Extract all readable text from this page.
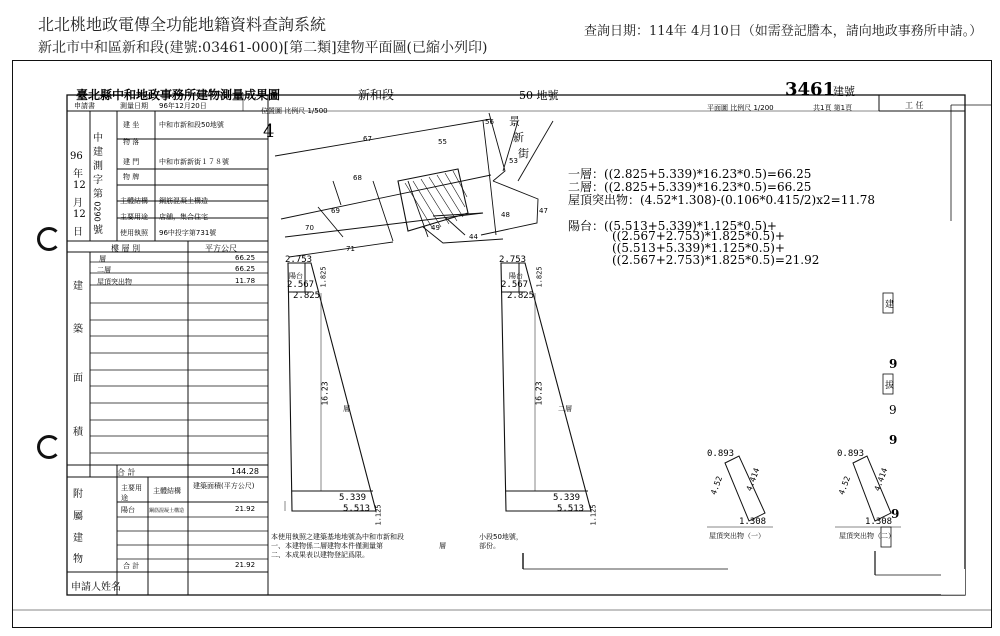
北北桃地政電傳全功能地籍資料查詢系統
新北市中和區新和段(建號:03461-000)[第二類]建物平面圖(已縮小列印)
查詢日期：114年 4月10日（如需登記謄本，請向地政事務所申請。）
臺北縣中和地政事務所建物測量成果圖	新和段	50 地號	3461
建號
平面圖 比例尺 1/200	共1頁 第1頁	工 任
位置圖 比例尺 1/500
4
申請書	測量日期 96年12月20日
中
建
96
測
年
字
12
第
月 0290
12
號
日
建 坐	中和市新和段50地號
物 落
建 門	中和市新新街１７８號
物 牌
主體結構 鋼筋混凝土構造
主要用途 店舖，集合住宅
使用執照 96中投字第731號
樓 層 別	平方公尺
建
築
面
積
層	66.25
二層	66.25
屋頂突出物	11.78
合 計	144.28
附
屬
建
物
主要用途
主體結構
建築面積(平方公尺)
陽台	鋼筋混凝土構造	21.92
合 計	21.92
申請人姓名
67	55
56
68
69
70
71
49
48	47
53
44
景
新
街
一層：((2.825+5.339)*16.23*0.5)=66.25
二層：((2.825+5.339)*16.23*0.5)=66.25
屋頂突出物：(4.52*1.308)-(0.106*0.415/2)x2=11.78
陽台：((5.513+5.339)*1.125*0.5)+
((2.567+2.753)*1.825*0.5)+
((5.513+5.339)*1.125*0.5)+
((2.567+2.753)*1.825*0.5)=21.92
2.753
陽台
2.567
2.825
1.825
16.23
層
5.339
5.513 1.125
2.753
陽台
2.567
2.825
1.825
16.23
二層
5.339
5.513 1.125
0.893
4.52	4.414
1.308
屋頂突出物（一）
0.893
4.52	4.414
1.308
屋頂突出物（二）
本使用執照之建築基地地號為中和市新和段	小段50地號，
一、本建物係二層建物本件僅測量第	層	部份。
二、本成果表以建物登記爲限。
建
拔
9
9
9
9
